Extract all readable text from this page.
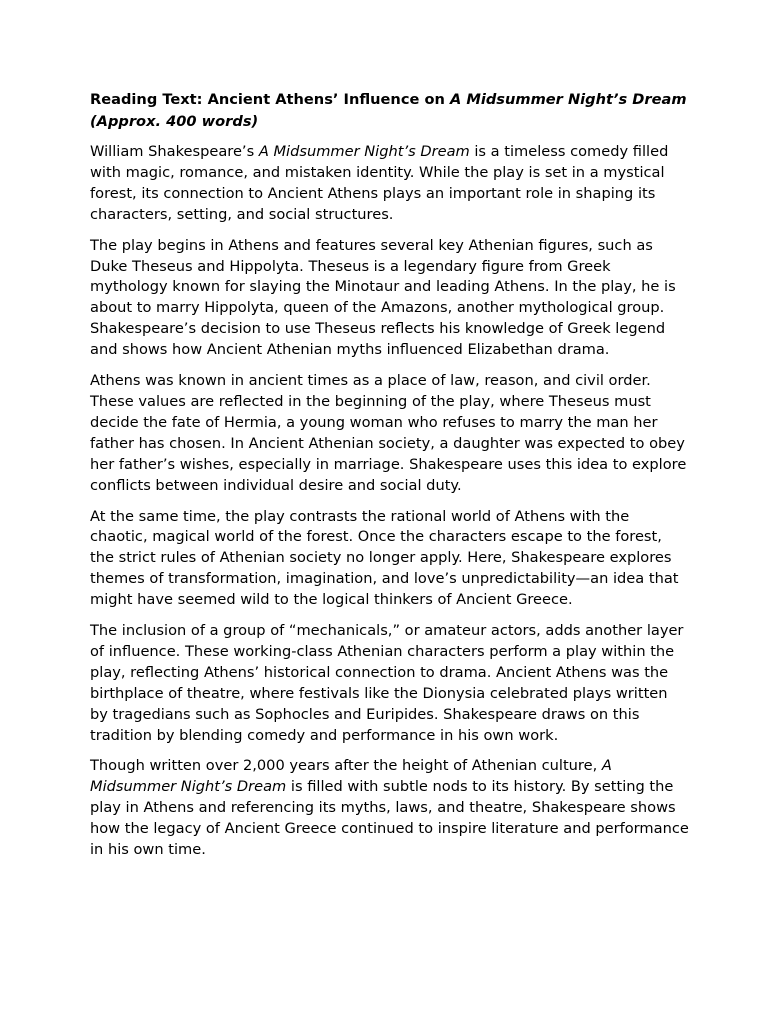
Reading Text: Ancient Athens’ Influence on A Midsummer Night’s Dream (Approx. 400 words)

William Shakespeare’s A Midsummer Night’s Dream is a timeless comedy filled with magic, romance, and mistaken identity. While the play is set in a mystical forest, its connection to Ancient Athens plays an important role in shaping its characters, setting, and social structures.

The play begins in Athens and features several key Athenian figures, such as Duke Theseus and Hippolyta. Theseus is a legendary figure from Greek mythology known for slaying the Minotaur and leading Athens. In the play, he is about to marry Hippolyta, queen of the Amazons, another mythological group. Shakespeare’s decision to use Theseus reflects his knowledge of Greek legend and shows how Ancient Athenian myths influenced Elizabethan drama.

Athens was known in ancient times as a place of law, reason, and civil order. These values are reflected in the beginning of the play, where Theseus must decide the fate of Hermia, a young woman who refuses to marry the man her father has chosen. In Ancient Athenian society, a daughter was expected to obey her father’s wishes, especially in marriage. Shakespeare uses this idea to explore conflicts between individual desire and social duty.

At the same time, the play contrasts the rational world of Athens with the chaotic, magical world of the forest. Once the characters escape to the forest, the strict rules of Athenian society no longer apply. Here, Shakespeare explores themes of transformation, imagination, and love’s unpredictability—an idea that might have seemed wild to the logical thinkers of Ancient Greece.

The inclusion of a group of “mechanicals,” or amateur actors, adds another layer of influence. These working-class Athenian characters perform a play within the play, reflecting Athens’ historical connection to drama. Ancient Athens was the birthplace of theatre, where festivals like the Dionysia celebrated plays written by tragedians such as Sophocles and Euripides. Shakespeare draws on this tradition by blending comedy and performance in his own work.

Though written over 2,000 years after the height of Athenian culture, A Midsummer Night’s Dream is filled with subtle nods to its history. By setting the play in Athens and referencing its myths, laws, and theatre, Shakespeare shows how the legacy of Ancient Greece continued to inspire literature and performance in his own time.
